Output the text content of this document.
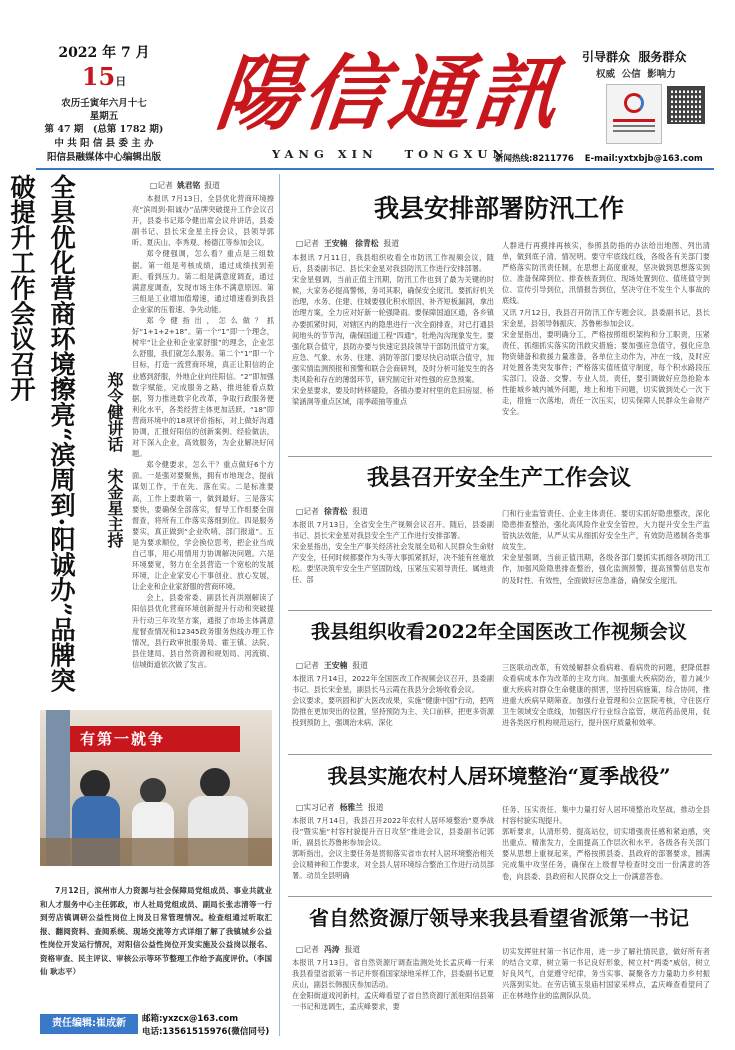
2022 年 7 月
15日
农历壬寅年六月十七
星期五
第 47 期　(总第 1782 期)
中 共 阳 信 县 委 主 办
阳信县融媒体中心编辑出版
陽信通訊
YANG XIN   TONGXUN
引导群众  服务群众
权威  公信  影响力
新闻热线:8211776 E-mail:yxtxbjb@163.com
全县优化营商环境擦亮“滨周到·阳诚办”品牌突破提升工作会议召开
郑令健讲话　宋金星主持
□记者 姚君铭 报道

本报讯 7月13日，全县优化营商环境擦亮“滨周到·阳诚办”品牌突破提升工作会议召开，县委书记郑令健出席会议并讲话，县委副书记、县长宋金星主持会议，县领导郭昕、夏庆山、李秀观、杨德江等参加会议。

郑令健强调，怎么看？重点是三组数据。第一组是考核成绩，通过成绩找到差距、看到压力。第二组是满意度调查，通过满意度调查，发现市场主体不满意原因。第三组是工业增加值增速，通过增速看到我县企业家的压着速、争先动能。

郑令健指出，怎么做？抓好“1+1+2+18”。第一个“1”即一个理念，树牢“让企业和企业家舒服”的理念，企业怎么舒服，我们就怎么服务。第二个“1”即一个目标，打造一流营商环境，真正让阳信的企业感到舒服，外地企业向往阳信。“2”即加强数字赋能，完成服务之路，推进能看点数据，努力推进数字化改革，争取行政服务便利化水平，各类经营主体更加活跃。“18”即营商环境中的18项评价指标，对上做好沟通协调，汇报好阳信的创新案例、经验做法，对下深入企业，高效服务，为企业解决好问题。

郑令健要求，怎么干？重点做好6个方面。一是强对要聚焦，拥有市地现念，提前谋划工作，干在先、落在实。二是标准要高，工作上要敢第一，做到最好。三是落实要快，要确保全部落实，督导工作组要全面督查，将所有工作落实落细到位。四是服务要实，真正做到“企业吹哨、部门报道”。五是为要求顺位，学会换位思考，把企业当成自己事，用心用情用力协调解决问题。六是环境要宽，努力在全县营造一个宽松的发展环境，让企业家安心干事创业、放心发展，让企业和企业家舒服的营商环境。

会上，县委常委、副县长肖洪刚解读了阳信县优化营商环境创新提升行动和突破提升行动三年攻坚方案，通报了市场主体满意度督查情况和12345政务服务热线办理工作情况，县行政审批服务局、霍王镇、法院、县住建局、县自然资源和规划局、河流镇、信城街道依次做了发言。

有第一就争
7月12日，滨州市人力资源与社会保障局党组成员、事业共就业和人才服务中心主任郭政，市人社局党组成员、副局长张志清等一行到劳店镇调研公益性岗位上岗及日常管理情况。检查组通过听取汇报、翻阅资料、查阅系统、现场交流等方式详细了解了我镇城乡公益性岗位开发运行情况，对阳信公益性岗位开发实施及公益岗以报名、资格审查、民主评议、审核公示等环节整理工作给予高度评价。（李国仙 耿志平）
责任编辑:崔成新	邮箱:yxzcx@163.com
电话:13561515976(微信同号)
我县安排部署防汛工作
□记者 王安楠　徐青松 报道
本报讯 7月11日，我县组织收看全市防汛工作视频会议，随后，县委副书记、县长宋金星对我县防汛工作进行安排部署。
宋金星强调，当前正值主汛期，防汛工作也到了最为关键的时候，大家务必提高警惕，务司其职，确保安全度汛。要抓好机关治理，水务、住建、住城要强化积水原因，补齐短板漏洞，拿出治理方案，全力应对好新一轮强降雨。要保障国道区通，各乡镇办要抓紧时间，对辖区内的隐患进行一次全面排查，对已打通县间地头的节节沟，确保国道工程“四通”，牡绝沟沟现象发生。要强化联合值守，县防办要与快速定县段领导干部防汛值守方案，应急、气象、水务、住建、消防等部门要尽快启动联合值守，加强实情监测预报和预警和联合会商研判，及时分析可能发生的各类风险和存在的薄弱环节，研究制定针对性强的应急预案。
宋金星要求，要及时转移避险，各镇办要对村里的危旧房屋、桥梁涵洞等重点区域，雨季疏抽等重点
人群进行再摸排再核实，参照县防指的办法给出地图、列出清单，做到底子清、情况明。要守牢底线红线，各级各有关部门要严格落实防汛责任制，在思想上高度重视，坚决做到思想落实到位、准备保障到位、排查核查到位、现场处置到位、值班值守到位、宣传引导到位，汛情报告到位，坚决守住不发生个人事故的底线。
又讯 7月12日，我县召开防汛工作专题会议，县委副书记、县长宋金星，县领导韩振庆、苏鲁彬参加会议。
宋金星指出，要明确分工，严格按照组织架构和分工职责，压紧责任，抓细抓实落实防汛救灾措施；要加强应急值守，强化应急物资储备和救援力量准备，各单位主动作为，冲在一线，及时应对处置各类突发事件；严格落实值班值守制度，每个积水路段压实部门、设备、交警、专业人员、责任，要引调做好应急抢险本性能城乡城内城外问题，地上和地下问题，切实做到处心一次下走，措施一次落地，责任一次压实，切实保障人民群众生命财产安全。
我县召开安全生产工作会议
□记者 徐青松 报道
本报讯 7月13日，全省安全生产视频会议召开。随后，县委副书记、县长宋金星对我县安全生产工作进行安排部署。
宋金星指出，安全生产事关经济社会发展全局和人民群众生命财产安全，任何时候都要作为头等大事抓紧抓好，决不能有丝毫放松。要坚决筑牢安全生产坚固防线，压紧压实领导责任、属地责任、部
门和行业监管责任、企业主体责任。要切实抓好隐患整改，深化隐患排查整治，强化高风险作业安全管控，大力提升安全生产监管执法效能，从严从实从细抓好安全生产，有效防范遏制各类事故发生。
宋金星强调，当前正值汛期，各级各部门要抓实抓细各项防汛工作，加强风险隐患排查整治，强化监测预警，提高预警信息发布的及时性、有效性，全面做好应急准备，确保安全度汛。
我县组织收看2022年全国医改工作视频会议
□记者 王安楠 报道
本报讯 7月14日，2022年全国医改工作视频会议召开，县委副书记、县长宋金星，副县长马云霞在我县分会场收看会议。
会议要求，要巩固和扩大医改成果，实施“健康中国”行动，把两防推在更加突出的位置，坚持预防为主、关口前移，把更多资源投到预防上，强调治未病、深化
三医联动改革，有效缓解群众看病难、看病贵的问题，把降低群众看病成本作为改革的主攻方向。加强重大疾病防治，着力减少重大疾病对群众生命健康的损害，坚持因病施策，综合协同，推进重大疾病早期筛查。加强行业管理和公立医院考核，守住医疗卫生领域安全底线，加强医疗行业综合监管，规范药品使用，促进各类医疗机构规范运行，提升医疗质量和效率。
我县实施农村人居环境整治“夏季战役”
□实习记者 杨雅兰 报道
本报讯 7月14日，我县召开2022年农村人居环境整治“夏季战役”暨实施“村容村貌提升百日攻坚”推进会议，县委副书记郭昕，副县长苏鲁彬参加会议。
郭昕指出，会议主要任务是贯彻落实省市农村人居环境整治相关会议精神和工作要求，对全县人居环境综合整治工作进行动员部署。动员全县明确
任务、压实责任、集中力量打好人居环境整治攻坚战，推动全县村容村貌实现提升。
郭昕要求，认清形势、提高站位，切实增强责任感和紧迫感，突出重点、精准发力，全面提高工作层次和水平。各级各有关部门要从思想上重视起来，严格按照县委、县政府的部署要求，圆满完成集中攻坚任务，确保在上级督导检查时交出一份满意的答卷，向县委、县政府和人民群众交上一份满意答卷。
省自然资源厅领导来我县看望省派第一书记
□记者 冯涛 报道
本报讯 7月13日，省自然资源厅调查监测处处长孟庆峰一行来我县看望省派第一书记并察看国家绿地采样工作，县委副书记夏庆山，副县长韩振庆参加活动。
在金阳街道戏河新村，孟庆峰看望了省自然资源厅派驻阳信县第一书记和选调生，孟庆峰要求，要
切实发挥驻村第一书记作用，进一步了解社情民意，做好所有者的结合文章，树立第一书记良好形象，树立村“两委”威信，树立好良风气，自觉遵守纪律，务当实事、凝聚各方力量助力乡村振兴落到实处。在劳店镇玉泉庙村国家采样点，孟庆峰查看望问了正在林地作业的监测队队员。
